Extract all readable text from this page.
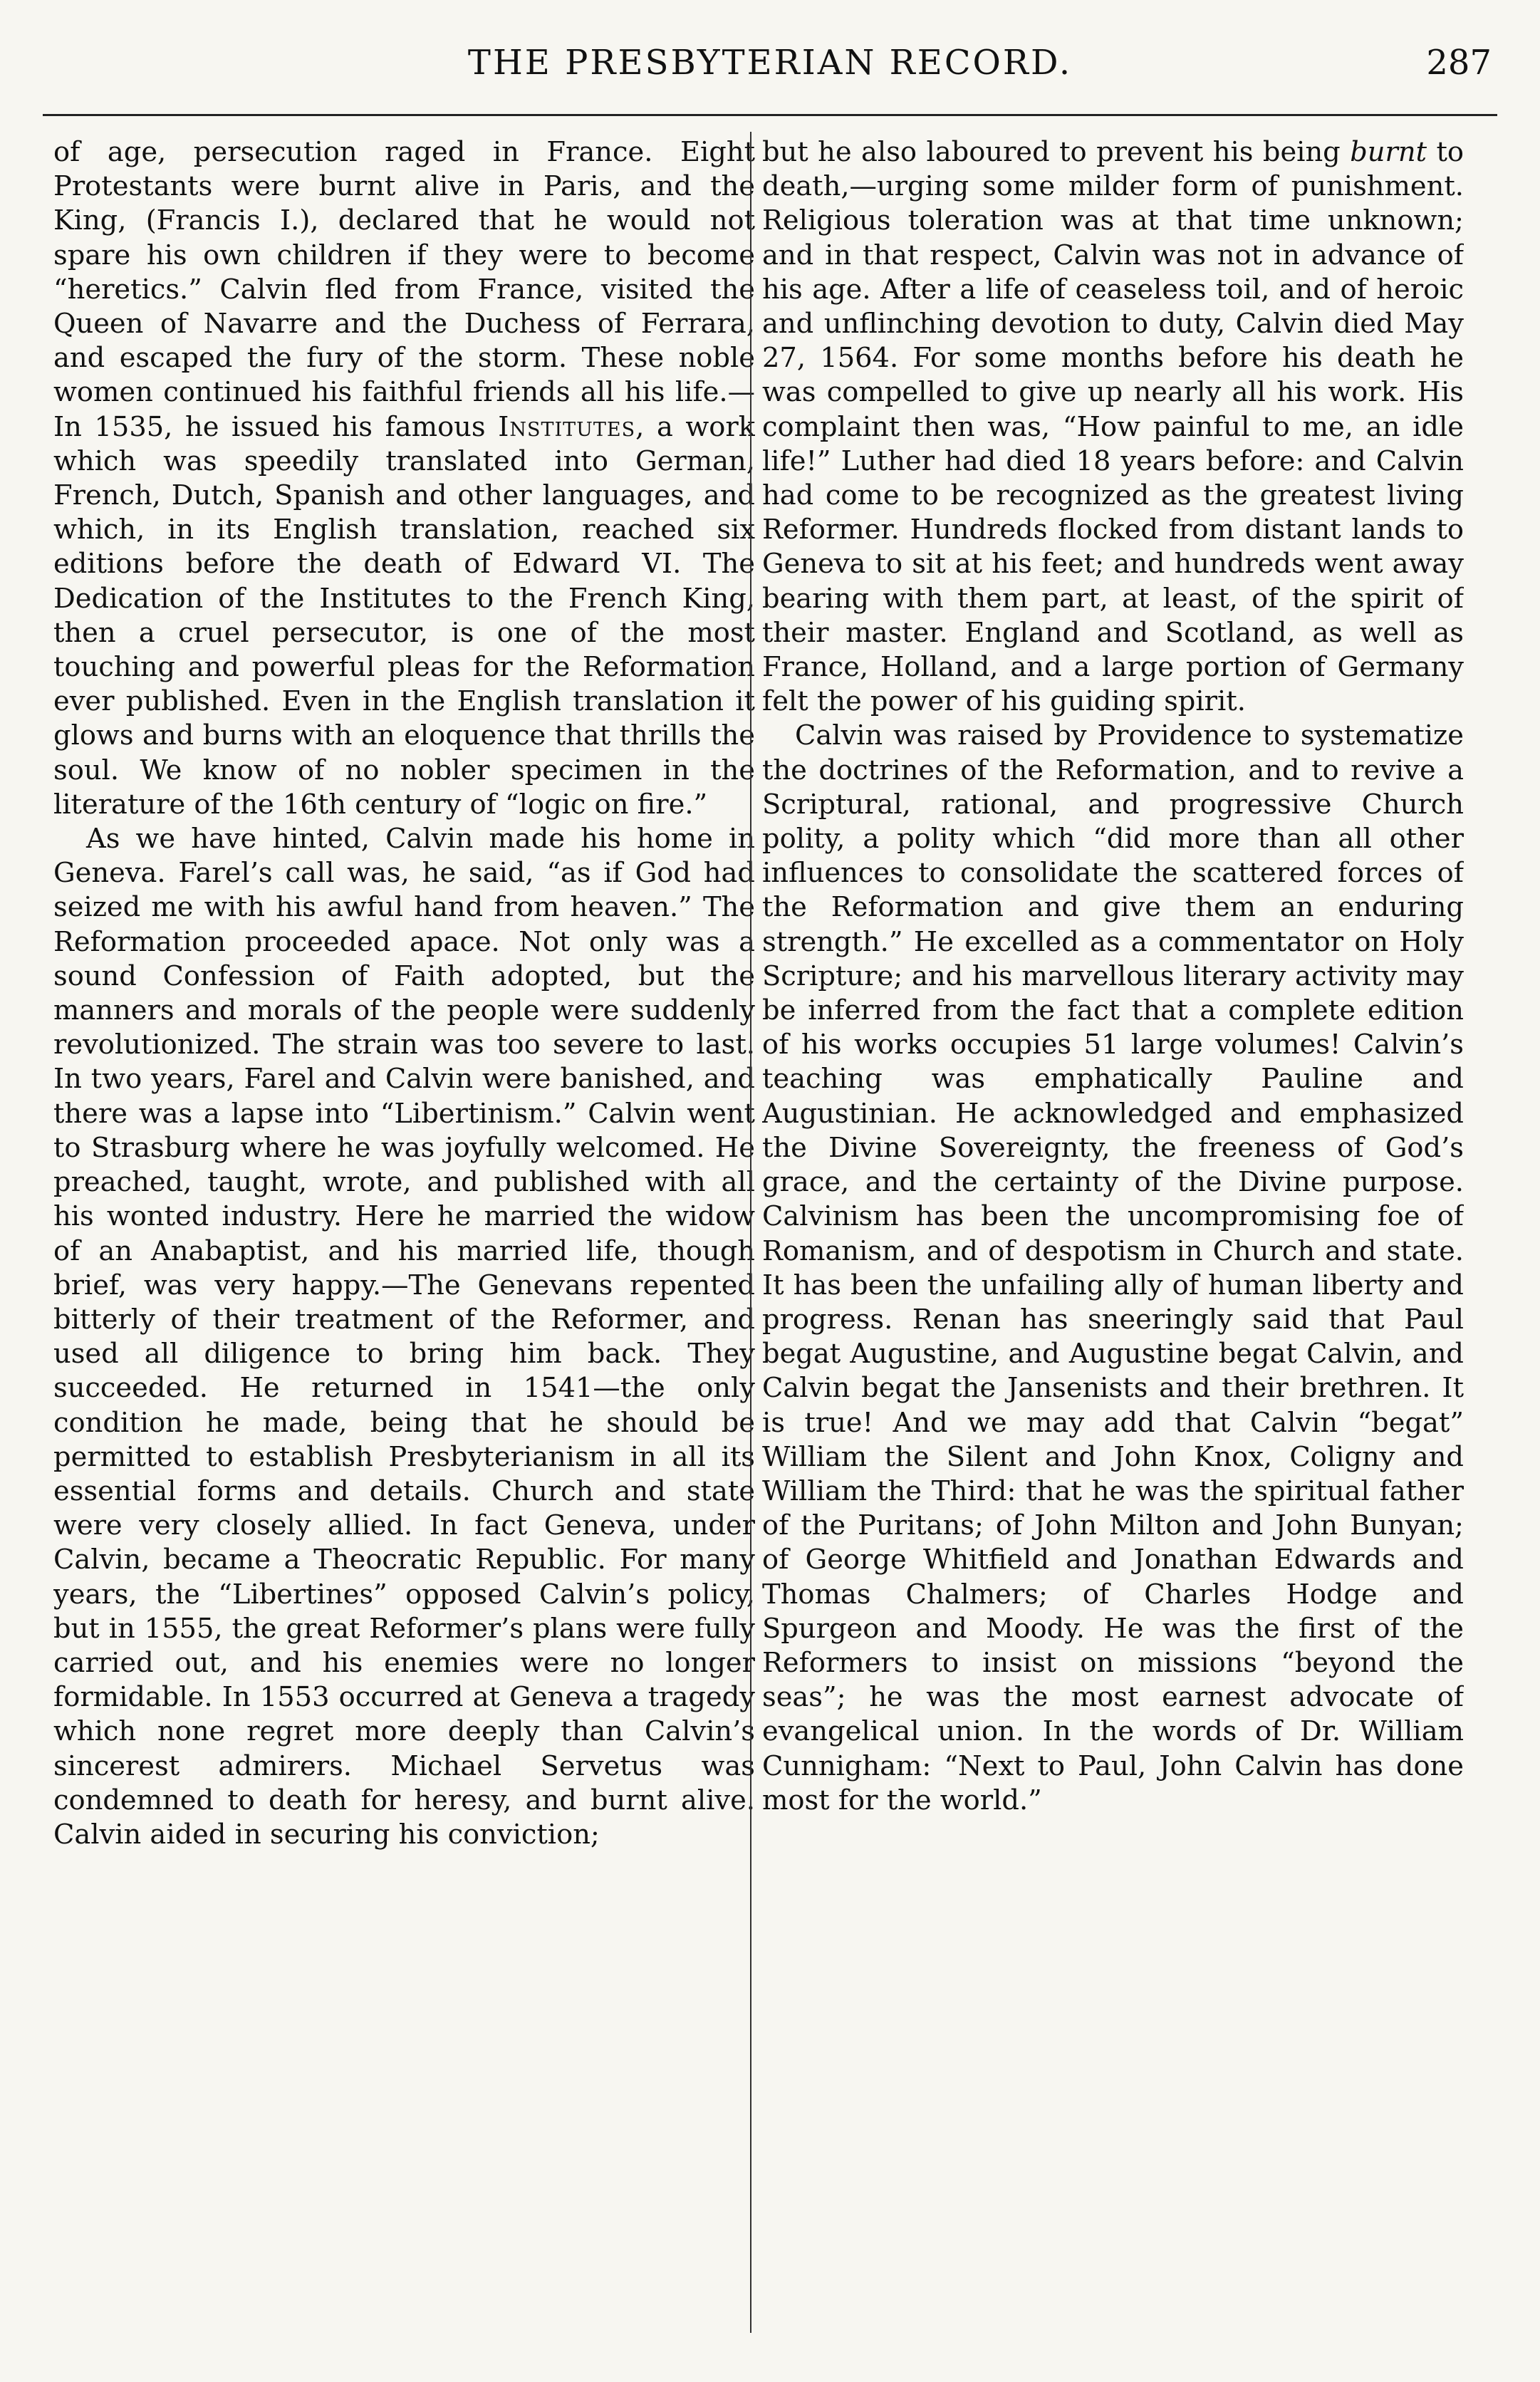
THE PRESBYTERIAN RECORD.	287

of age, persecution raged in France. Eight Protestants were burnt alive in Paris, and the King, (Francis I.), declared that he would not spare his own children if they were to become “heretics.” Calvin fled from France, visited the Queen of Navarre and the Duchess of Ferrara, and escaped the fury of the storm. These noble women continued his faithful friends all his life.— In 1535, he issued his famous Institutes, a work which was speedily translated into German, French, Dutch, Spanish and other languages, and which, in its English translation, reached six editions before the death of Edward VI. The Dedication of the Institutes to the French King, then a cruel persecutor, is one of the most touching and powerful pleas for the Reformation ever published. Even in the English translation it glows and burns with an eloquence that thrills the soul. We know of no nobler specimen in the literature of the 16th century of “logic on fire.”

As we have hinted, Calvin made his home in Geneva. Farel’s call was, he said, “as if God had seized me with his awful hand from heaven.” The Reformation proceeded apace. Not only was a sound Confession of Faith adopted, but the manners and morals of the people were suddenly revolutionized. The strain was too severe to last. In two years, Farel and Calvin were banished, and there was a lapse into “Libertinism.” Calvin went to Strasburg where he was joyfully welcomed. He preached, taught, wrote, and published with all his wonted industry. Here he married the widow of an Anabaptist, and his married life, though brief, was very happy.—The Genevans repented bitterly of their treatment of the Reformer, and used all diligence to bring him back. They succeeded. He returned in 1541—the only condition he made, being that he should be permitted to establish Presbyterianism in all its essential forms and details. Church and state were very closely allied. In fact Geneva, under Calvin, became a Theocratic Republic. For many years, the “Libertines” opposed Calvin’s policy, but in 1555, the great Reformer’s plans were fully carried out, and his enemies were no longer formidable. In 1553 occurred at Geneva a tragedy which none regret more deeply than Calvin’s sincerest admirers. Michael Servetus was condemned to death for heresy, and burnt alive. Calvin aided in securing his conviction;

but he also laboured to prevent his being burnt to death,—urging some milder form of punishment. Religious toleration was at that time unknown; and in that respect, Calvin was not in advance of his age. After a life of ceaseless toil, and of heroic and unflinching devotion to duty, Calvin died May 27, 1564. For some months before his death he was compelled to give up nearly all his work. His complaint then was, “How painful to me, an idle life!” Luther had died 18 years before: and Calvin had come to be recognized as the greatest living Reformer. Hundreds flocked from distant lands to Geneva to sit at his feet; and hundreds went away bearing with them part, at least, of the spirit of their master. England and Scotland, as well as France, Holland, and a large portion of Germany felt the power of his guiding spirit.

Calvin was raised by Providence to systematize the doctrines of the Reformation, and to revive a Scriptural, rational, and progressive Church polity, a polity which “did more than all other influences to consolidate the scattered forces of the Reformation and give them an enduring strength.” He excelled as a commentator on Holy Scripture; and his marvellous literary activity may be inferred from the fact that a complete edition of his works occupies 51 large volumes! Calvin’s teaching was emphatically Pauline and Augustinian. He acknowledged and emphasized the Divine Sovereignty, the freeness of God’s grace, and the certainty of the Divine purpose. Calvinism has been the uncompromising foe of Romanism, and of despotism in Church and state. It has been the unfailing ally of human liberty and progress. Renan has sneeringly said that Paul begat Augustine, and Augustine begat Calvin, and Calvin begat the Jansenists and their brethren. It is true! And we may add that Calvin “begat” William the Silent and John Knox, Coligny and William the Third: that he was the spiritual father of the Puritans; of John Milton and John Bunyan; of George Whitfield and Jonathan Edwards and Thomas Chalmers; of Charles Hodge and Spurgeon and Moody. He was the first of the Reformers to insist on missions “beyond the seas”; he was the most earnest advocate of evangelical union. In the words of Dr. William Cunnigham: “Next to Paul, John Calvin has done most for the world.”
